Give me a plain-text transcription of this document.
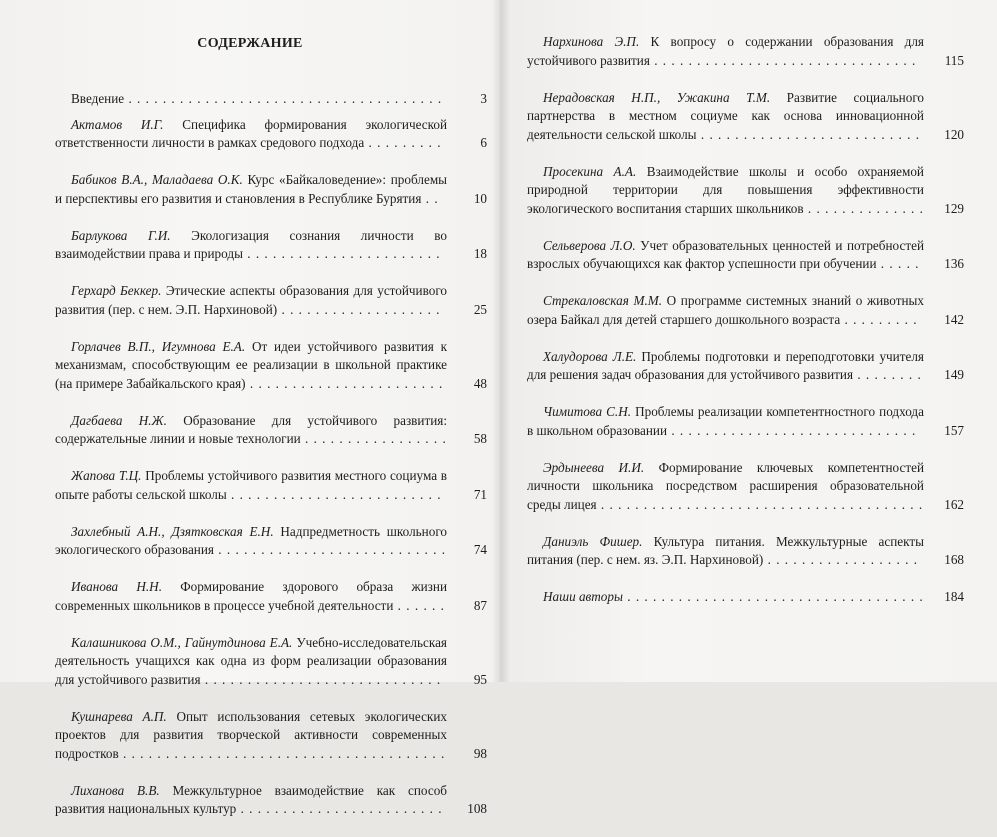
СОДЕРЖАНИЕ
Введение . . . . . . . . . . . . . . . . . . . . . . . . . . . . . . . . . . . . .	3
Актамов И.Г. Специфика формирования экологической ответственности личности в рамках средового подхода . . . . . . . . .	6
Бабиков В.А., Маладаева О.К. Курс «Байкаловедение»: проблемы и перспективы его развития и становления в Республике Бурятия . .	10
Барлукова Г.И. Экологизация сознания личности во взаимодействии права и природы . . . . . . . . . . . . . . . . . . . . . . .	18
Герхард Беккер. Этические аспекты образования для устойчивого развития (пер. с нем. Э.П. Нархиновой) . . . . . . . . . . . . . . . . . . .	25
Горлачев В.П., Игумнова Е.А. От идеи устойчивого развития к механизмам, способствующим ее реализации в школьной практике (на примере Забайкальского края) . . . . . . . . . . . . . . . . . . . . . . .	48
Дагбаева Н.Ж. Образование для устойчивого развития: содержательные линии и новые технологии . . . . . . . . . . . . . . . . .	58
Жапова Т.Ц. Проблемы устойчивого развития местного социума в опыте работы сельской школы . . . . . . . . . . . . . . . . . . . . . . . . .	71
Захлебный А.Н., Дзятковская Е.Н. Надпредметность школьного экологического образования . . . . . . . . . . . . . . . . . . . . . . . . . . .	74
Иванова Н.Н. Формирование здорового образа жизни современных школьников в процессе учебной деятельности . . . . . .	87
Калашникова О.М., Гайнутдинова Е.А. Учебно-исследовательская деятельность учащихся как одна из форм реализации образования для устойчивого развития . . . . . . . . . . . . . . . . . . . . . . . . . . . .	95
Кушнарева А.П. Опыт использования сетевых экологических проектов для развития творческой активности современных подростков . . . . . . . . . . . . . . . . . . . . . . . . . . . . . . . . . . . . . .	98
Лиханова В.В. Межкультурное взаимодействие как способ развития национальных культур . . . . . . . . . . . . . . . . . . . . . . . .	108
Нархинова Э.П. К вопросу о содержании образования для устойчивого развития . . . . . . . . . . . . . . . . . . . . . . . . . . . . . . .	115
Нерадовская Н.П., Ужакина Т.М. Развитие социального партнерства в местном социуме как основа инновационной деятельности сельской школы . . . . . . . . . . . . . . . . . . . . . . . . . .	120
Просекина А.А. Взаимодействие школы и особо охраняемой природной территории для повышения эффективности экологического воспитания старших школьников . . . . . . . . . . . . . .	129
Сельверова Л.О. Учет образовательных ценностей и потребностей взрослых обучающихся как фактор успешности при обучении . . . . .	136
Стрекаловская М.М. О программе системных знаний о животных озера Байкал для детей старшего дошкольного возраста . . . . . . . . .	142
Халудорова Л.Е. Проблемы подготовки и переподготовки учителя для решения задач образования для устойчивого развития . . . . . . . .	149
Чимитова С.Н. Проблемы реализации компетентностного подхода в школьном образовании . . . . . . . . . . . . . . . . . . . . . . . . . . . . .	157
Эрдынеева И.И. Формирование ключевых компетентностей личности школьника посредством расширения образовательной среды лицея . . . . . . . . . . . . . . . . . . . . . . . . . . . . . . . . . . . . . .	162
Даниэль Фишер. Культура питания. Межкультурные аспекты питания (пер. с нем. яз. Э.П. Нархиновой) . . . . . . . . . . . . . . . . . .	168
Наши авторы . . . . . . . . . . . . . . . . . . . . . . . . . . . . . . . . . . .	184
